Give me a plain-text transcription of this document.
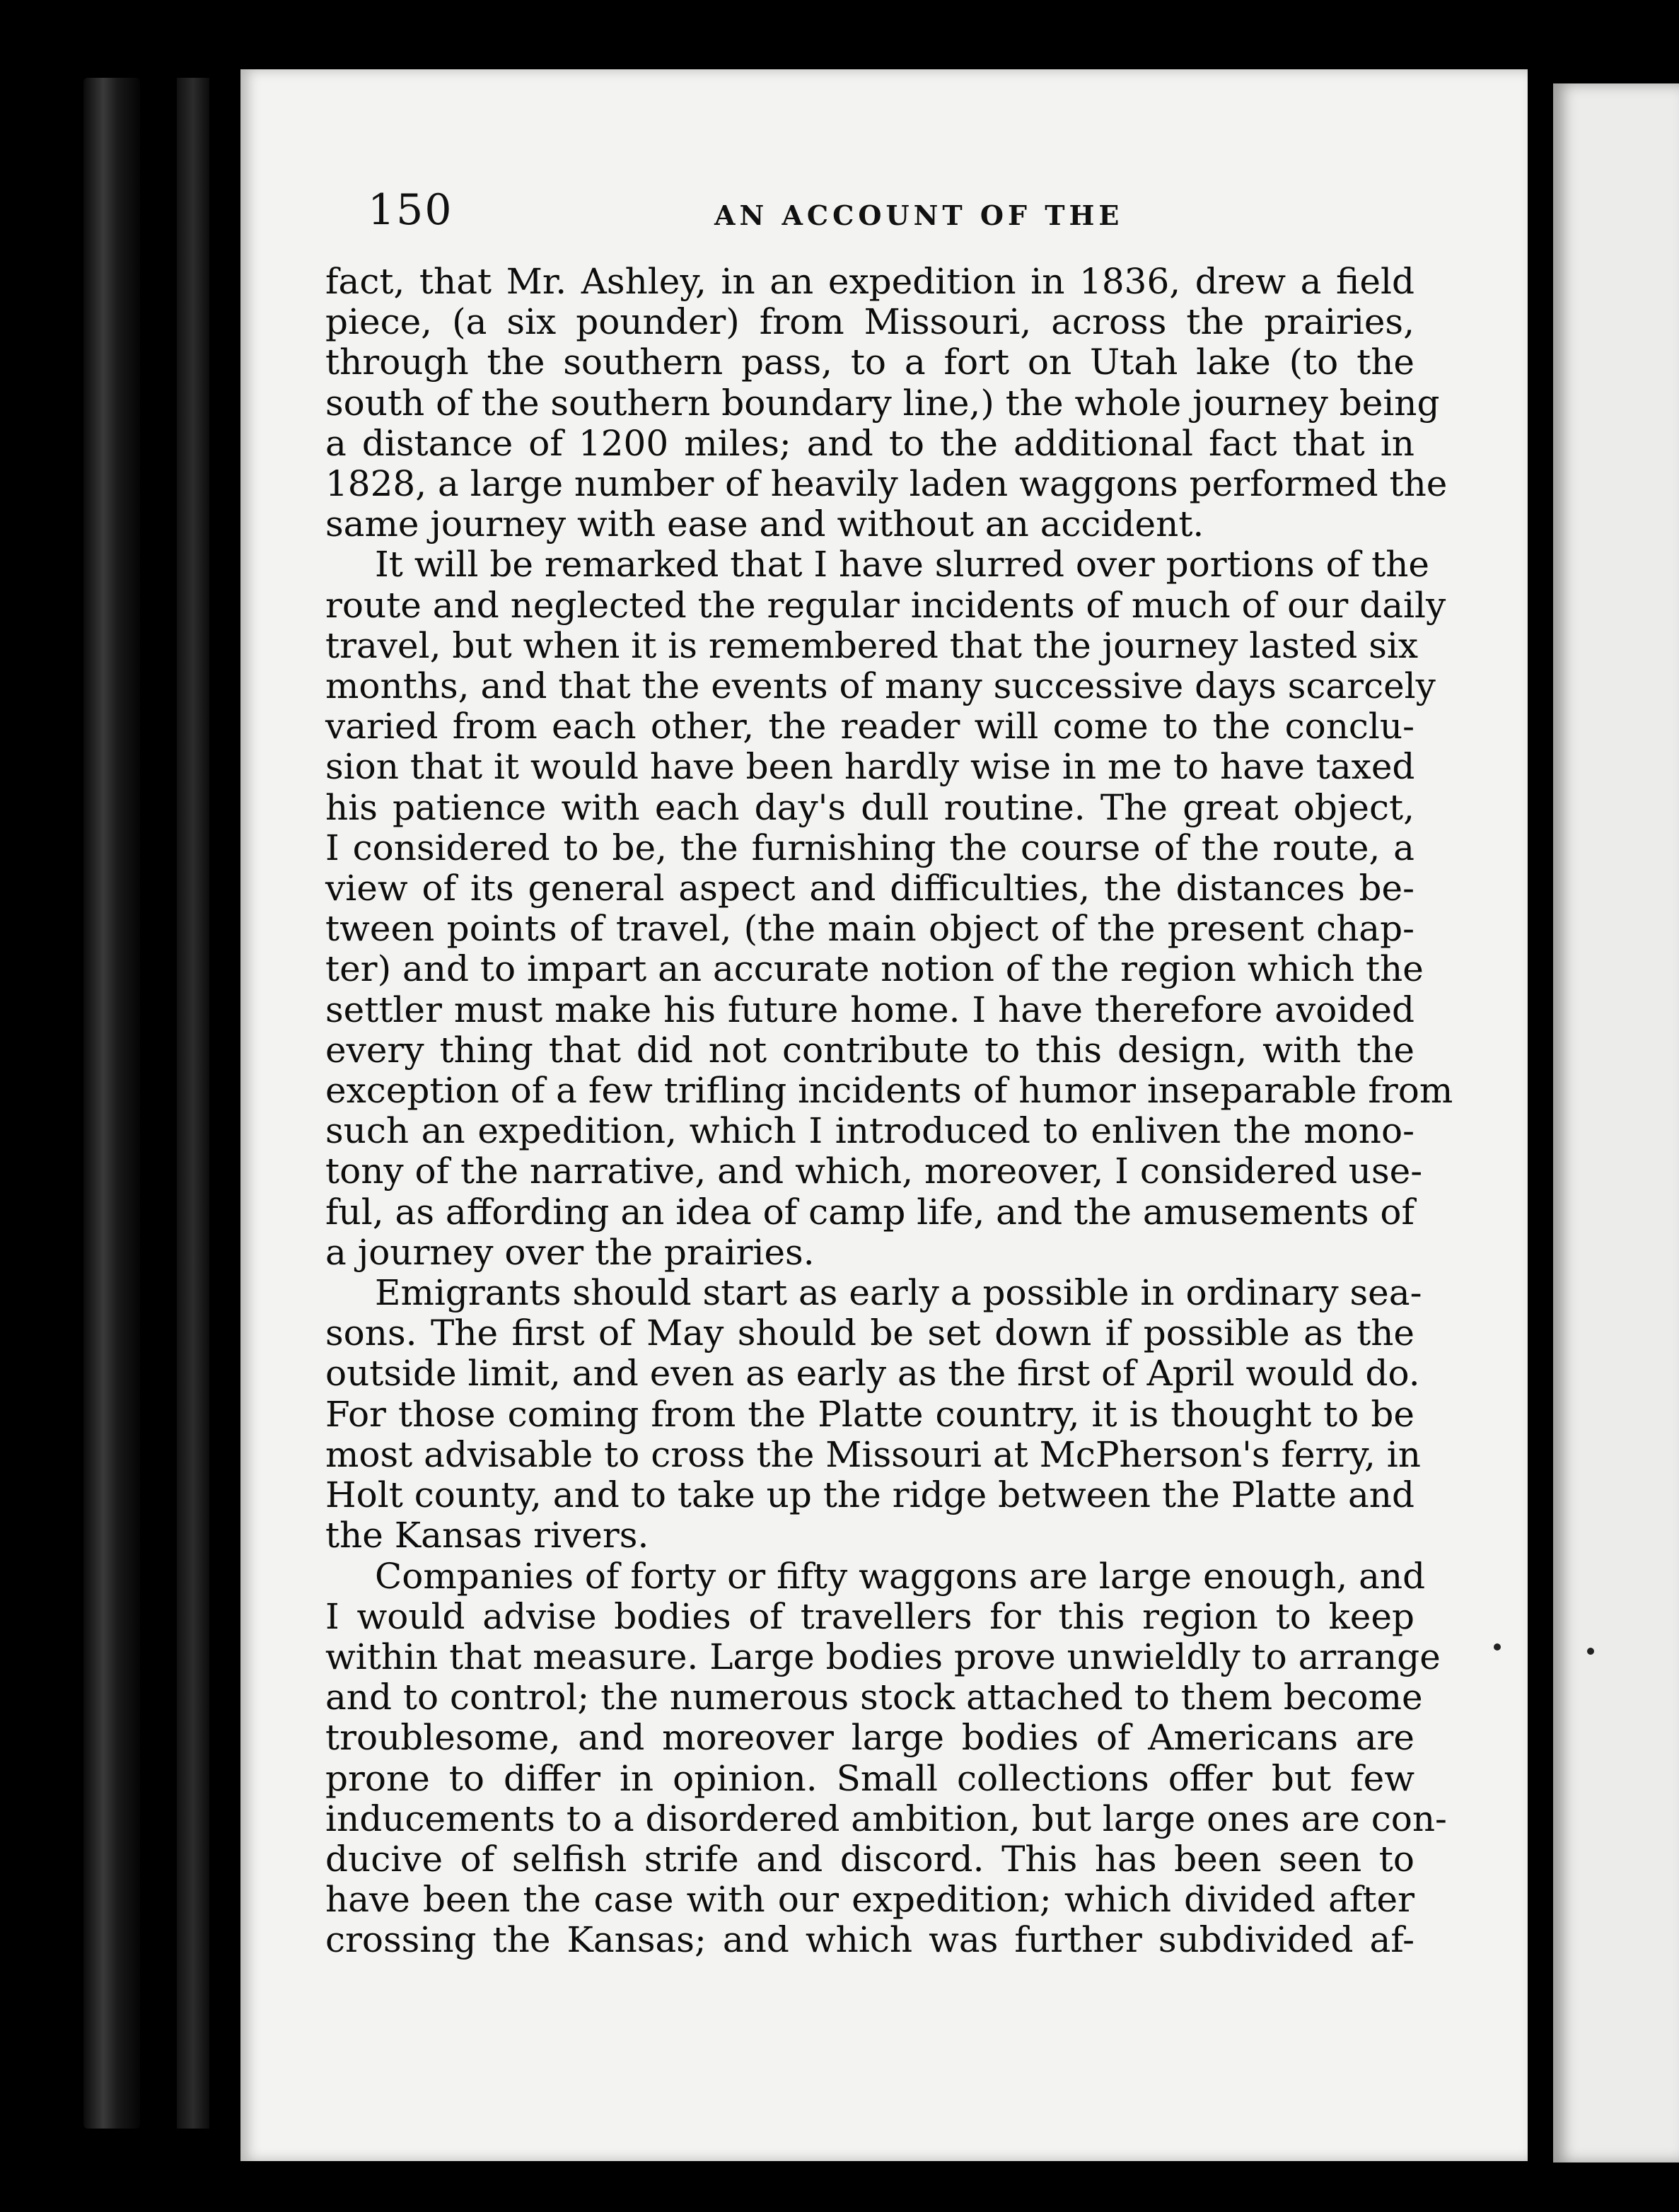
150	AN ACCOUNT OF THE
fact, that Mr. Ashley, in an expedition in 1836, drew a field
piece, (a six pounder) from Missouri, across the prairies,
through the southern pass, to a fort on Utah lake (to the
south of the southern boundary line,) the whole journey being
a distance of 1200 miles; and to the additional fact that in
1828, a large number of heavily laden waggons performed the
same journey with ease and without an accident.
It will be remarked that I have slurred over portions of the
route and neglected the regular incidents of much of our daily
travel, but when it is remembered that the journey lasted six
months, and that the events of many successive days scarcely
varied from each other, the reader will come to the conclu-
sion that it would have been hardly wise in me to have taxed
his patience with each day's dull routine. The great object,
I considered to be, the furnishing the course of the route, a
view of its general aspect and difficulties, the distances be-
tween points of travel, (the main object of the present chap-
ter) and to impart an accurate notion of the region which the
settler must make his future home. I have therefore avoided
every thing that did not contribute to this design, with the
exception of a few trifling incidents of humor inseparable from
such an expedition, which I introduced to enliven the mono-
tony of the narrative, and which, moreover, I considered use-
ful, as affording an idea of camp life, and the amusements of
a journey over the prairies.
Emigrants should start as early a possible in ordinary sea-
sons. The first of May should be set down if possible as the
outside limit, and even as early as the first of April would do.
For those coming from the Platte country, it is thought to be
most advisable to cross the Missouri at McPherson's ferry, in
Holt county, and to take up the ridge between the Platte and
the Kansas rivers.
Companies of forty or fifty waggons are large enough, and
I would advise bodies of travellers for this region to keep
within that measure. Large bodies prove unwieldly to arrange
and to control; the numerous stock attached to them become
troublesome, and moreover large bodies of Americans are
prone to differ in opinion. Small collections offer but few
inducements to a disordered ambition, but large ones are con-
ducive of selfish strife and discord. This has been seen to
have been the case with our expedition; which divided after
crossing the Kansas; and which was further subdivided af-
